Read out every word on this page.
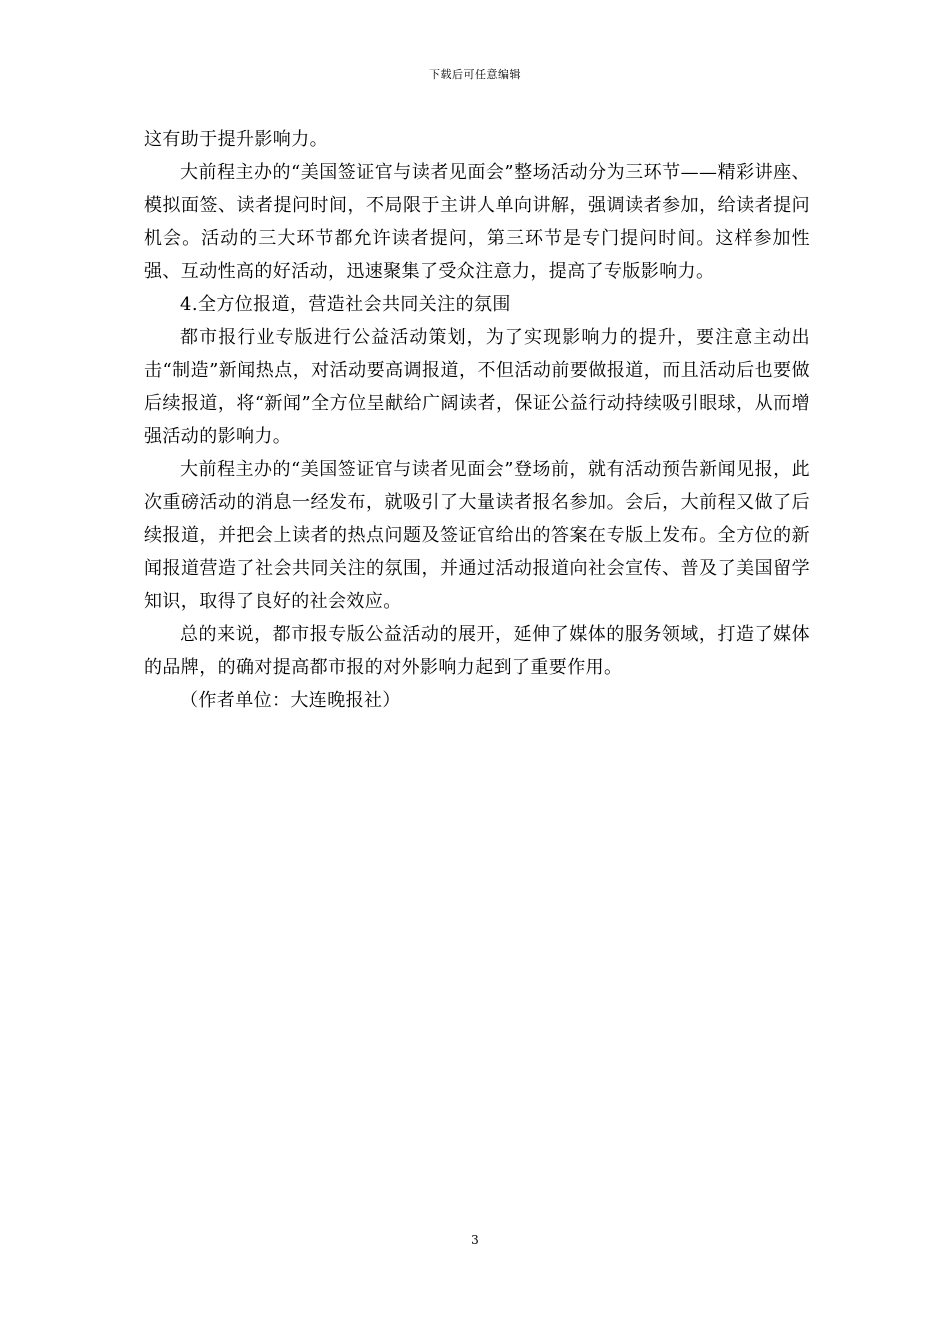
下载后可任意编辑

这有助于提升影响力。

大前程主办的“美国签证官与读者见面会”整场活动分为三环节——精彩讲座、模拟面签、读者提问时间，不局限于主讲人单向讲解，强调读者参加，给读者提问机会。活动的三大环节都允许读者提问，第三环节是专门提问时间。这样参加性强、互动性高的好活动，迅速聚集了受众注意力，提高了专版影响力。

4.全方位报道，营造社会共同关注的氛围

都市报行业专版进行公益活动策划，为了实现影响力的提升，要注意主动出击“制造”新闻热点，对活动要高调报道，不但活动前要做报道，而且活动后也要做后续报道，将“新闻”全方位呈献给广阔读者，保证公益行动持续吸引眼球，从而增强活动的影响力。

大前程主办的“美国签证官与读者见面会”登场前，就有活动预告新闻见报，此次重磅活动的消息一经发布，就吸引了大量读者报名参加。会后，大前程又做了后续报道，并把会上读者的热点问题及签证官给出的答案在专版上发布。全方位的新闻报道营造了社会共同关注的氛围，并通过活动报道向社会宣传、普及了美国留学知识，取得了良好的社会效应。

总的来说，都市报专版公益活动的展开，延伸了媒体的服务领域，打造了媒体的品牌，的确对提高都市报的对外影响力起到了重要作用。

（作者单位：大连晚报社）

3
